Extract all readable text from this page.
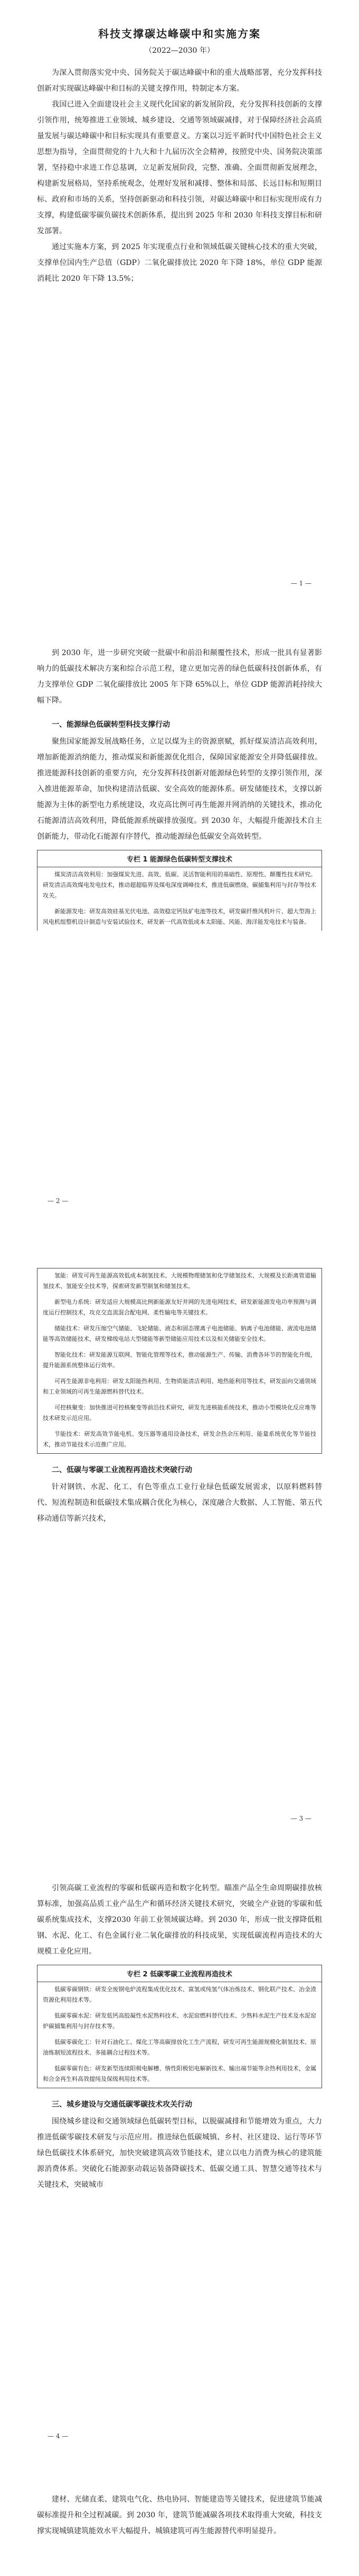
科技支撑碳达峰碳中和实施方案
（2022—2030 年）

为深入贯彻落实党中央、国务院关于碳达峰碳中和的重大战略部署，充分发挥科技创新对实现碳达峰碳中和目标的关键支撑作用，特制定本方案。

我国已进入全面建设社会主义现代化国家的新发展阶段，充分发挥科技创新的支撑引领作用，统筹推进工业领域、城乡建设、交通等领域碳减排，对于保障经济社会高质量发展与碳达峰碳中和目标实现具有重要意义。方案以习近平新时代中国特色社会主义思想为指导，全面贯彻党的十九大和十九届历次全会精神，按照党中央、国务院决策部署，坚持稳中求进工作总基调，立足新发展阶段，完整、准确、全面贯彻新发展理念，构建新发展格局，坚持系统观念，处理好发展和减排、整体和局部、长远目标和短期目标、政府和市场的关系，坚持创新驱动和科技引领，对碳达峰碳中和目标实现形成有力支撑，构建低碳零碳负碳技术创新体系，提出到 2025 年和 2030 年科技支撑目标和研发部署。

通过实施本方案，到 2025 年实现重点行业和领域低碳关键核心技术的重大突破，支撑单位国内生产总值（GDP）二氧化碳排放比 2020 年下降 18%，单位 GDP 能源消耗比 2020 年下降 13.5%；

— 1 —

到 2030 年，进一步研究突破一批碳中和前沿和颠覆性技术，形成一批具有显著影响力的低碳技术解决方案和综合示范工程，建立更加完善的绿色低碳科技创新体系，有力支撑单位 GDP 二氧化碳排放比 2005 年下降 65%以上，单位 GDP 能源消耗持续大幅下降。

一、能源绿色低碳转型科技支撑行动

聚焦国家能源发展战略任务，立足以煤为主的资源禀赋，抓好煤炭清洁高效利用，增加新能源消纳能力，推动煤炭和新能源优化组合，保障国家能源安全并降低碳排放。推进能源科技创新的重要方向，充分发挥科技创新对能源绿色转型的支撑引领作用，深入推进能源革命，加快构建清洁低碳、安全高效的能源体系。研发储能技术，支撑以新能源为主体的新型电力系统建设，攻克高比例可再生能源并网消纳的关键技术，推动化石能源清洁高效利用，降低能源系统碳排放强度。到 2030 年，大幅提升能源技术自主创新能力，带动化石能源有序替代，推动能源绿色低碳安全高效转型。

专栏 1 能源绿色低碳转型支撑技术

煤炭清洁高效利用：加强煤炭先进、高效、低碳、灵活智能利用的基础性、原理性、颠覆性技术研究。研发清洁高效煤电发电技术，推动超超临界及煤电深度调峰技术，推进低碳燃烧、碳捕集利用与封存等技术攻关。

新能源发电：研发高效硅基光伏电池、高效稳定钙钛矿电池等技术，研发碳纤维风机叶片、超大型海上风电机组整机设计制造与安装试验技术，研发新一代高效低成本太阳能、风能、海洋能发电技术与装备。

— 2 —

氢能：研发可再生能源高效低成本制氢技术、大规模物理储氢和化学储氢技术、大规模及长距离管道输氢技术、氢能安全技术等，探索研发新型制氢和储氢技术。

新型电力系统：研发适应大规模高比例新能源友好并网的先进电网技术，研发新能源发电功率预测与调度运行控制技术，攻克交直流混合配电网、柔性输电等关键技术。

储能技术：研发压缩空气储能、飞轮储能、液态和固态锂离子电池储能、钠离子电池储能、液流电池储能等高效储能技术，研发梯级电站大型储能等新型储能应用技术以及相关储能安全技术。

智能化技术：研发能源互联网、智能化管理等技术，推动能源生产、传输、消费各环节的智能化升级，提升能源系统整体运行效率。

可再生能源非电利用：研发太阳能热利用、生物质能清洁利用、地热能利用等技术，研发面向交通领域和工业领域的可再生能源燃料替代技术。

可控核聚变：加快推进可控核聚变等前沿技术研究，研发先进核能系统技术，推动小型模块化反应堆等技术研发示范应用。

节能技术：研发高效节能电机、变压器等通用设备技术，研发余热余压利用、能量系统优化等节能技术，推动节能技术示范推广应用。

二、低碳与零碳工业流程再造技术突破行动

针对钢铁、水泥、化工、有色等重点工业行业绿色低碳发展需求，以原料燃料替代、短流程制造和低碳技术集成耦合优化为核心，深度融合大数据、人工智能、第五代移动通信等新兴技术，

— 3 —

引领高碳工业流程的零碳和低碳再造和数字化转型。瞄准产品全生命周期碳排放核算标准，加强高品质工业产品生产和循环经济关键技术研究，突破全产业链的零碳和低碳系统集成技术，支撑2030 年前工业领域碳达峰。到 2030 年，形成一批支撑降低粗钢、水泥、化工、有色金属行业二氧化碳排放的科技成果，实现低碳流程再造技术的大规模工业化应用。

专栏 2 低碳零碳工业流程再造技术

低碳零碳钢铁：研发全废钢电炉流程集成优化技术、富氢或纯氢气体冶炼技术、钢化联产技术、冶金渣资源化利用技术等。

低碳零碳水泥：研发低钙高胶凝性水泥熟料技术、水泥窑燃料替代技术、少熟料水泥生产技术及水泥窑炉碳捕集利用与封存技术等。

低碳零碳化工：针对石油化工、煤化工等高碳排放化工生产流程，研发可再生能源规模化制氢技术、原油炼制短流程技术、多能耦合过程技术等。

低碳零碳有色：研发新型连续阳极电解槽、惰性阳极铝电解新技术、输出端节能等余热利用技术，金属和合金再生料高效提纯及保级利用技术等。

三、城乡建设与交通低碳零碳技术攻关行动

围绕城乡建设和交通领域绿色低碳转型目标，以脱碳减排和节能增效为重点，大力推进低碳零碳技术研发与示范应用。推进绿色低碳城镇、乡村、社区建设、运行等环节绿色低碳技术体系研究，加快突破建筑高效节能技术，建立以电力消费为核心的建筑能源消费体系。突破化石能源驱动载运装备降碳技术、低碳交通工具、智慧交通等技术与关键技术，突破城市

— 4 —

建材、光储直柔、建筑电气化、热电协同、智能建造等关键技术，促进建筑节能减碳标准提升和全过程减碳。到 2030 年，建筑节能减碳各项技术取得重大突破，科技支撑实现城镇建筑能效水平大幅提升、城镇建筑可再生能源替代率明显提升。
